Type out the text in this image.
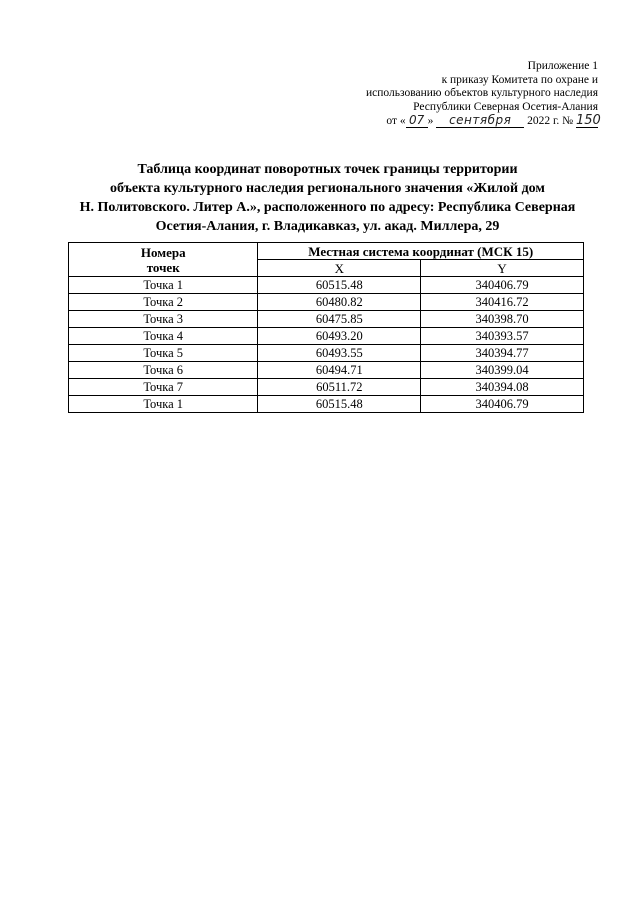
Приложение 1
к приказу Комитета по охране и
использованию объектов культурного наследия
Республики Северная Осетия-Алания
от « 07 » сентября 2022 г. № 150
Таблица координат поворотных точек границы территории
объекта культурного наследия регионального значения «Жилой дом
Н. Политовского. Литер А.», расположенного по адресу: Республика Северная
Осетия-Алания, г. Владикавказ, ул. акад. Миллера, 29
Номера
точек	Местная система координат (МСК 15)	
	X	Y
Точка 1	60515.48	340406.79
Точка 2	60480.82	340416.72
Точка 3	60475.85	340398.70
Точка 4	60493.20	340393.57
Точка 5	60493.55	340394.77
Точка 6	60494.71	340399.04
Точка 7	60511.72	340394.08
Точка 1	60515.48	340406.79
